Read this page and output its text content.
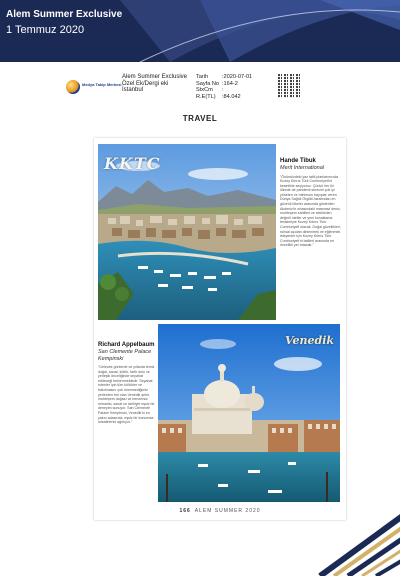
Alem Summer Exclusive
1 Temmuz 2020
Medya Takip Merkezi
Alem Summer Exclusive
Özel Ek/Dergi eki
İstanbul
Tarih	:2020-07-01
Sayfa No :164-2
StxCm	:
R.E(TL)	:84.042
TRAVEL
KKTC	Hande Tibuk
Merit International
"Önümüzdeki yaz tatili planlarımızda Kuzey Kıbrıs Türk Cumhuriyeti'ni kesinlikle seçiyoruz. Çünkü her iki ülkede de pandemi sürecini çok iyi yöneten ve minimum kayıplar veren Dünya Sağlık Örgütü tarafından en güvenli ülkeler arasında gösterilen Akdeniz'in ortasındaki masmavi deniz, muhteşem sahilleri ve sektörden değerli oteller ve yeni konaklama tesisleriyle Kuzey Kıbrıs Türk Cumhuriyeti olacak. Doğal güzellikleri, ruhsal açıdan dinlenmek ve eğlenmek isteyenler için Kuzey Kıbrıs Türk Cumhuriyeti'ni tatilleri arasında en öncelikli yer tutacak."
Venedik
Richard Appelbaum
San Clemente Palace Kempinski
"Gelecek günlerde ve yıllarda temiz doğal, sanat, kültür, tarih dolu ve yerleşik önceliğinde seyahat edileceği beklenmektedir. Seyahat edenler için tüm kültürler ve bakılmasını çok önemsediğimiz yerlerden biri olan Venedik şehri, muhteşem doğası ve benzersiz mimarisi, sanat ve tarihiyle eşsiz bir deneyim sunuyor. San Clemente Palace Kempinski, Venedik'in en yakın adasında, eşsiz bir konumda misafirlerini ağırlıyor."
166 ALEM SUMMER 2020
